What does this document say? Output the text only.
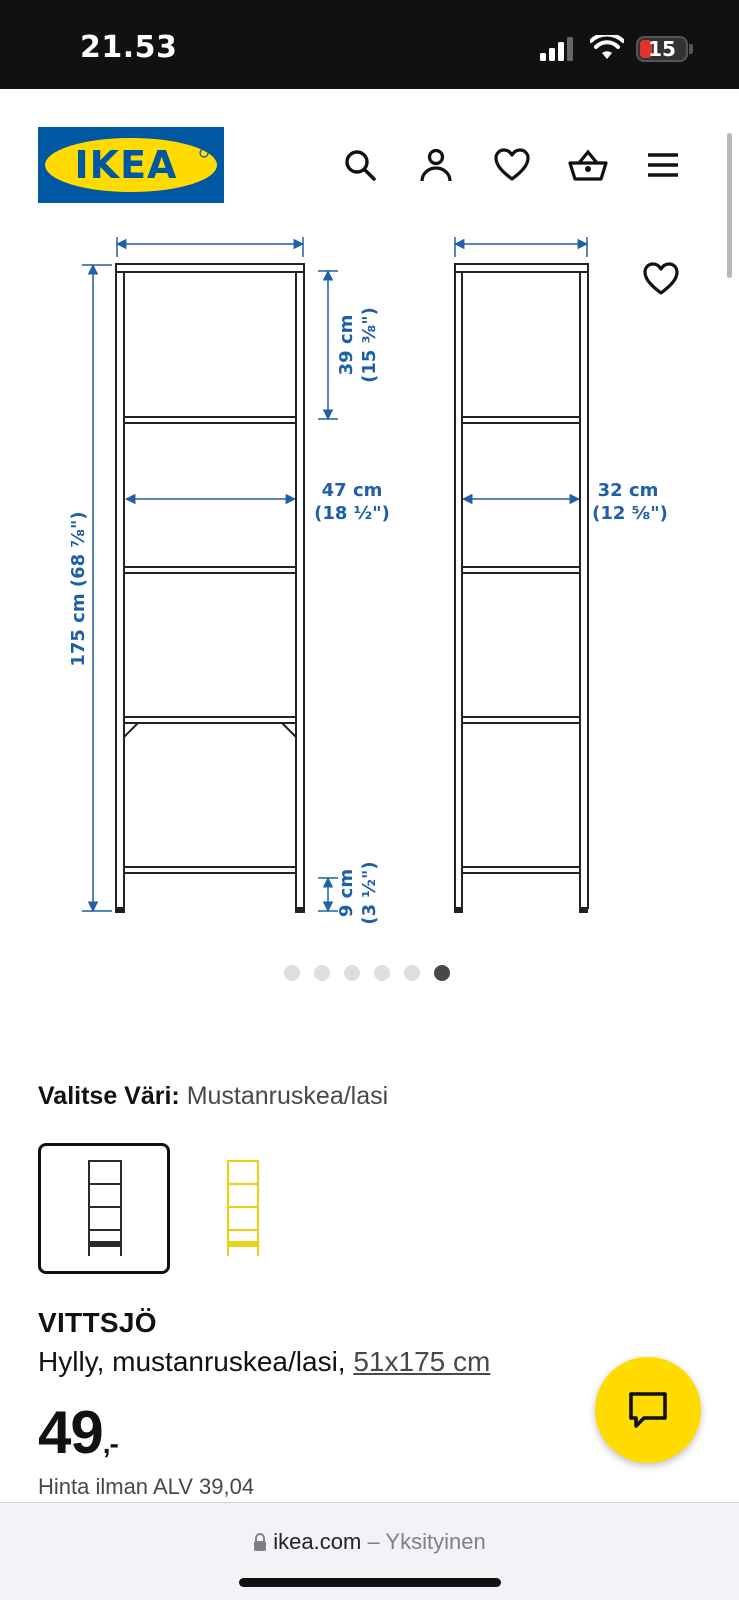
21.53	15
IKEA
175 cm (68 ⅞")
39 cm (15 ⅜")
47 cm
(18 ½")
9 cm (3 ½")
32 cm
(12 ⅝")
Valitse Väri: Mustanruskea/lasi
VITTSJÖ
Hylly, mustanruskea/lasi, 51x175 cm
49,-
Hinta ilman ALV 39,04
ikea.com – Yksityinen
